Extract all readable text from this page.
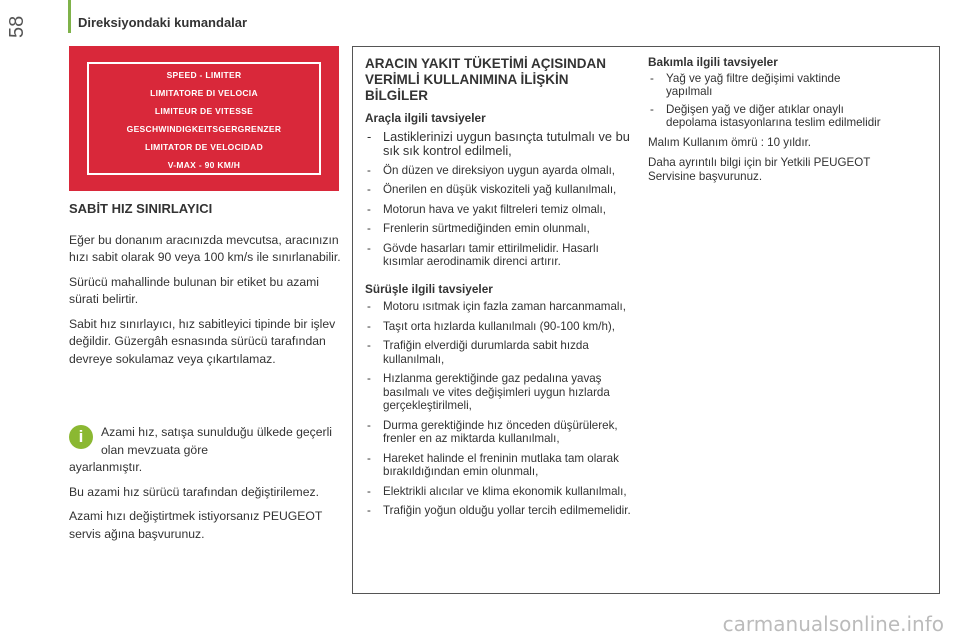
58	Direksiyondaki kumandalar
SPEED - LIMITER
LIMITATORE DI VELOCIA
LIMITEUR DE VITESSE
GESCHWINDIGKEITSGERGRENZER
LIMITATOR DE VELOCIDAD
V-MAX - 90 KM/H
SABİT HIZ SINIRLAYICI

Eğer bu donanım aracınızda mevcutsa, aracınızın hızı sabit olarak 90 veya 100 km/s ile sınırlanabilir.

Sürücü mahallinde bulunan bir etiket bu azami sürati belirtir.

Sabit hız sınırlayıcı, hız sabitleyici tipinde bir işlev değildir. Güzergâh esnasında sürücü tarafından devreye sokulamaz veya çıkartılamaz.

i	Azami hız, satışa sunulduğu ülkede geçerli olan mevzuata göre
ayarlanmıştır.

Bu azami hız sürücü tarafından değiştirilemez.

Azami hızı değiştirtmek istiyorsanız PEUGEOT servis ağına başvurunuz.

ARACIN YAKIT TÜKETİMİ AÇISINDAN VERİMLİ KULLANIMINA İLİŞKİN BİLGİLER
Araçla ilgili tavsiyeler
- Lastiklerinizi uygun basınçta tutulmalı ve bu sık sık kontrol edilmeli,
- Ön düzen ve direksiyon uygun ayarda olmalı,
- Önerilen en düşük viskoziteli yağ kullanılmalı,
- Motorun hava ve yakıt filtreleri temiz olmalı,
- Frenlerin sürtmediğinden emin olunmalı,
- Gövde hasarları tamir ettirilmelidir. Hasarlı kısımlar aerodinamik direnci artırır.
Sürüşle ilgili tavsiyeler
- Motoru ısıtmak için fazla zaman harcanmamalı,
- Taşıt orta hızlarda kullanılmalı (90-100 km/h),
- Trafiğin elverdiği durumlarda sabit hızda kullanılmalı,
- Hızlanma gerektiğinde gaz pedalına yavaş basılmalı ve vites değişimleri uygun hızlarda gerçekleştirilmeli,
- Durma gerektiğinde hız önceden düşürülerek, frenler en az miktarda kullanılmalı,
- Hareket halinde el freninin mutlaka tam olarak bırakıldığından emin olunmalı,
- Elektrikli alıcılar ve klima ekonomik kullanılmalı,
- Trafiğin yoğun olduğu yollar tercih edilmemelidir.
Bakımla ilgili tavsiyeler
- Yağ ve yağ filtre değişimi vaktinde yapılmalı
- Değişen yağ ve diğer atıklar onaylı depolama istasyonlarına teslim edilmelidir

Malım Kullanım ömrü : 10 yıldır.

Daha ayrıntılı bilgi için bir Yetkili PEUGEOT Servisine başvurunuz.

carmanualsonline.info
